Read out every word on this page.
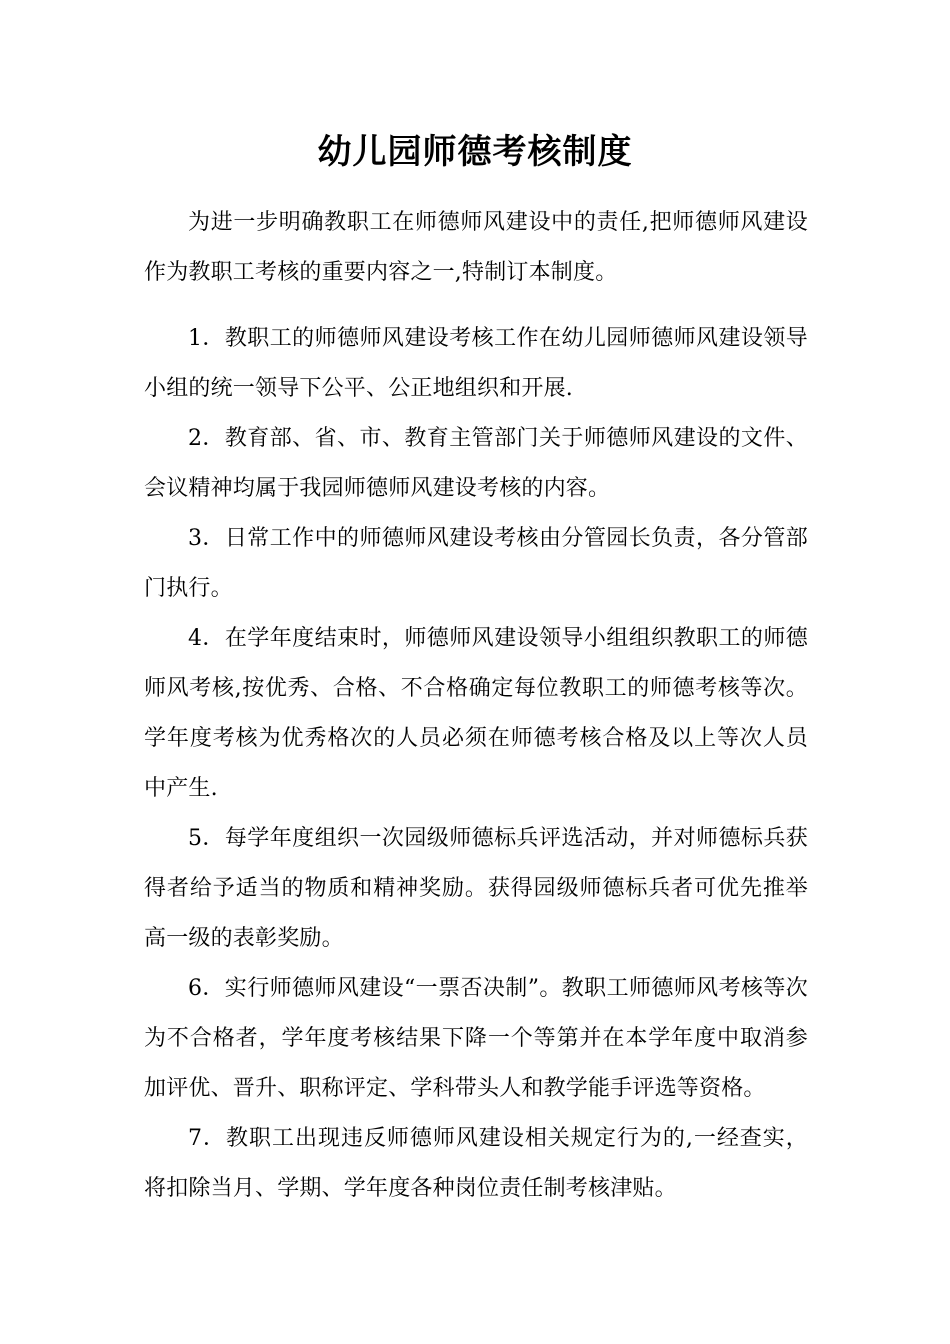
幼儿园师德考核制度

为进一步明确教职工在师德师风建设中的责任,把师德师风建设作为教职工考核的重要内容之一,特制订本制度。

1．教职工的师德师风建设考核工作在幼儿园师德师风建设领导小组的统一领导下公平、公正地组织和开展.

2．教育部、省、市、教育主管部门关于师德师风建设的文件、会议精神均属于我园师德师风建设考核的内容。

3．日常工作中的师德师风建设考核由分管园长负责，各分管部门执行。

4．在学年度结束时，师德师风建设领导小组组织教职工的师德师风考核,按优秀、合格、不合格确定每位教职工的师德考核等次。学年度考核为优秀格次的人员必须在师德考核合格及以上等次人员中产生.

5．每学年度组织一次园级师德标兵评选活动，并对师德标兵获得者给予适当的物质和精神奖励。获得园级师德标兵者可优先推举高一级的表彰奖励。

6．实行师德师风建设“一票否决制”。教职工师德师风考核等次为不合格者，学年度考核结果下降一个等第并在本学年度中取消参加评优、晋升、职称评定、学科带头人和教学能手评选等资格。

7．教职工出现违反师德师风建设相关规定行为的,一经查实，将扣除当月、学期、学年度各种岗位责任制考核津贴。
